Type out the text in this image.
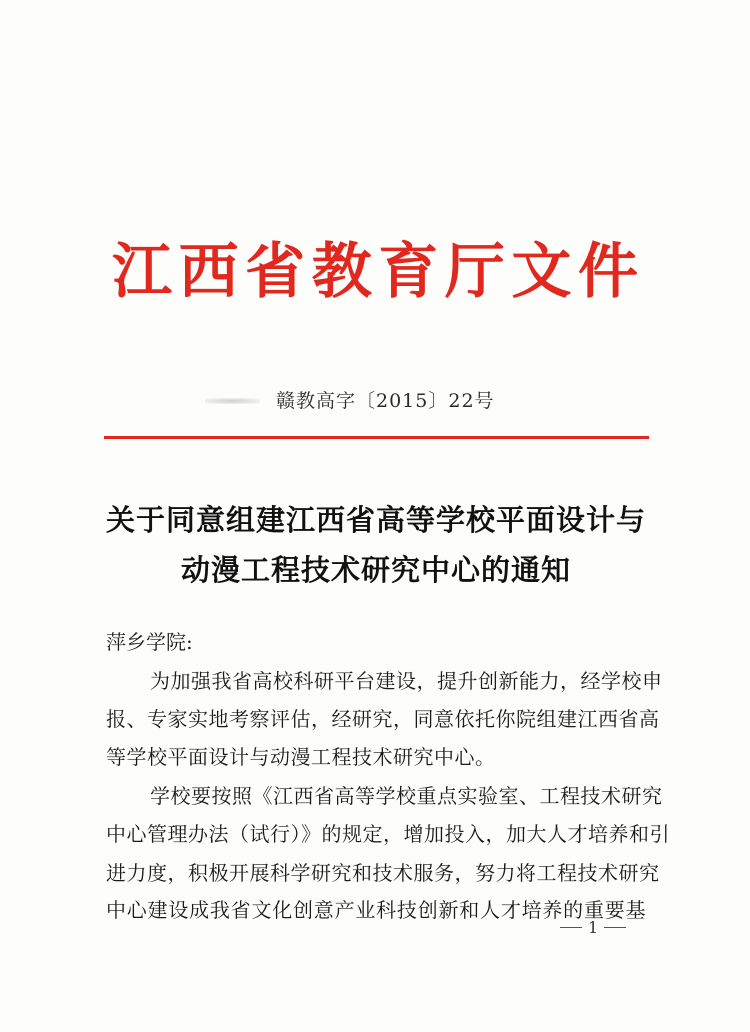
江西省教育厅文件
赣教高字〔2015〕22号
关于同意组建江西省高等学校平面设计与
动漫工程技术研究中心的通知
萍乡学院:
为加强我省高校科研平台建设，提升创新能力，经学校申
报、专家实地考察评估，经研究，同意依托你院组建江西省高
等学校平面设计与动漫工程技术研究中心。
学校要按照《江西省高等学校重点实验室、工程技术研究
中心管理办法（试行）》的规定，增加投入，加大人才培养和引
进力度，积极开展科学研究和技术服务，努力将工程技术研究
中心建设成我省文化创意产业科技创新和人才培养的重要基
1
